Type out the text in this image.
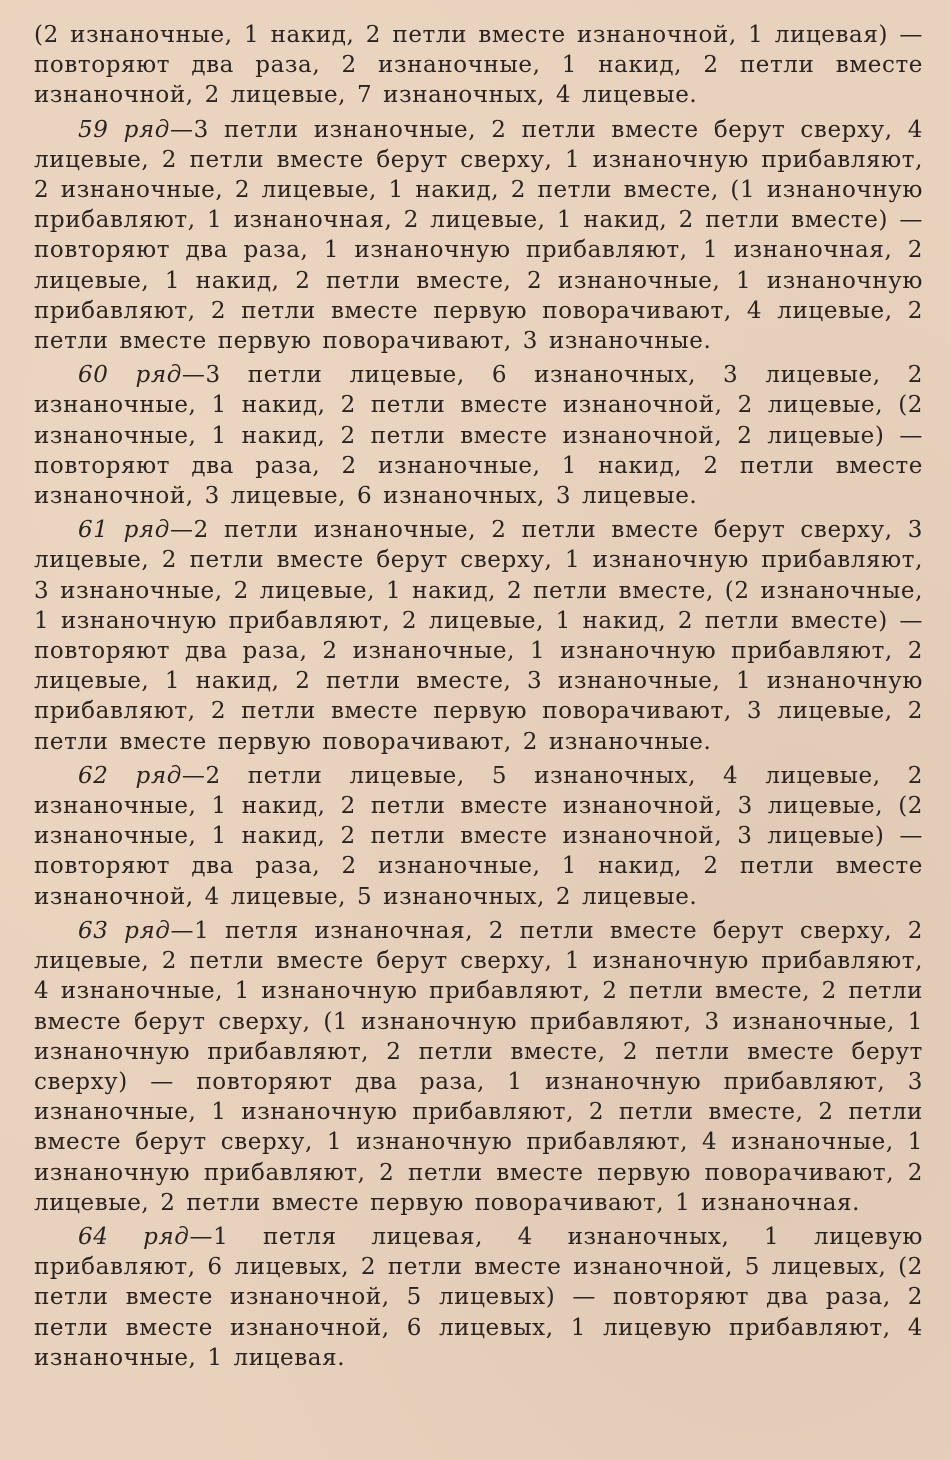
(2 изнаночные, 1 накид, 2 петли вместе изнаночной, 1 лицевая) — повторяют два раза, 2 изнаночные, 1 накид, 2 петли вместе изнаночной, 2 лицевые, 7 изнаночных, 4 лицевые.

59 ряд—3 петли изнаночные, 2 петли вместе берут сверху, 4 лицевые, 2 петли вместе берут сверху, 1 изнаночную прибавляют, 2 изнаночные, 2 лицевые, 1 накид, 2 петли вместе, (1 изнаночную прибавляют, 1 изнаночная, 2 лицевые, 1 накид, 2 петли вместе) — повторяют два раза, 1 изнаночную прибавляют, 1 изнаночная, 2 лицевые, 1 накид, 2 петли вместе, 2 изнаночные, 1 изнаночную прибавляют, 2 петли вместе первую поворачивают, 4 лицевые, 2 петли вместе первую поворачивают, 3 изнаночные.

60 ряд—3 петли лицевые, 6 изнаночных, 3 лицевые, 2 изнаночные, 1 накид, 2 петли вместе изнаночной, 2 лицевые, (2 изнаночные, 1 накид, 2 петли вместе изнаночной, 2 лицевые) — повторяют два раза, 2 изнаночные, 1 накид, 2 петли вместе изнаночной, 3 лицевые, 6 изнаночных, 3 лицевые.

61 ряд—2 петли изнаночные, 2 петли вместе берут сверху, 3 лицевые, 2 петли вместе берут сверху, 1 изнаночную прибавляют, 3 изнаночные, 2 лицевые, 1 накид, 2 петли вместе, (2 изнаночные, 1 изнаночную прибавляют, 2 лицевые, 1 накид, 2 петли вместе) — повторяют два раза, 2 изнаночные, 1 изнаночную прибавляют, 2 лицевые, 1 накид, 2 петли вместе, 3 изнаночные, 1 изнаночную прибавляют, 2 петли вместе первую поворачивают, 3 лицевые, 2 петли вместе первую поворачивают, 2 изнаночные.

62 ряд—2 петли лицевые, 5 изнаночных, 4 лицевые, 2 изнаночные, 1 накид, 2 петли вместе изнаночной, 3 лицевые, (2 изнаночные, 1 накид, 2 петли вместе изнаночной, 3 лицевые) — повторяют два раза, 2 изнаночные, 1 накид, 2 петли вместе изнаночной, 4 лицевые, 5 изнаночных, 2 лицевые.

63 ряд—1 петля изнаночная, 2 петли вместе берут сверху, 2 лицевые, 2 петли вместе берут сверху, 1 изнаночную прибавляют, 4 изнаночные, 1 изнаночную прибавляют, 2 петли вместе, 2 петли вместе берут сверху, (1 изнаночную прибавляют, 3 изнаночные, 1 изнаночную прибавляют, 2 петли вместе, 2 петли вместе берут сверху) — повторяют два раза, 1 изнаночную прибавляют, 3 изнаночные, 1 изнаночную прибавляют, 2 петли вместе, 2 петли вместе берут сверху, 1 изнаночную прибавляют, 4 изнаночные, 1 изнаночную прибавляют, 2 петли вместе первую поворачивают, 2 лицевые, 2 петли вместе первую поворачивают, 1 изнаночная.

64 ряд—1 петля лицевая, 4 изнаночных, 1 лицевую прибавляют, 6 лицевых, 2 петли вместе изнаночной, 5 лицевых, (2 петли вместе изнаночной, 5 лицевых) — повторяют два раза, 2 петли вместе изнаночной, 6 лицевых, 1 лицевую прибавляют, 4 изнаночные, 1 лицевая.
